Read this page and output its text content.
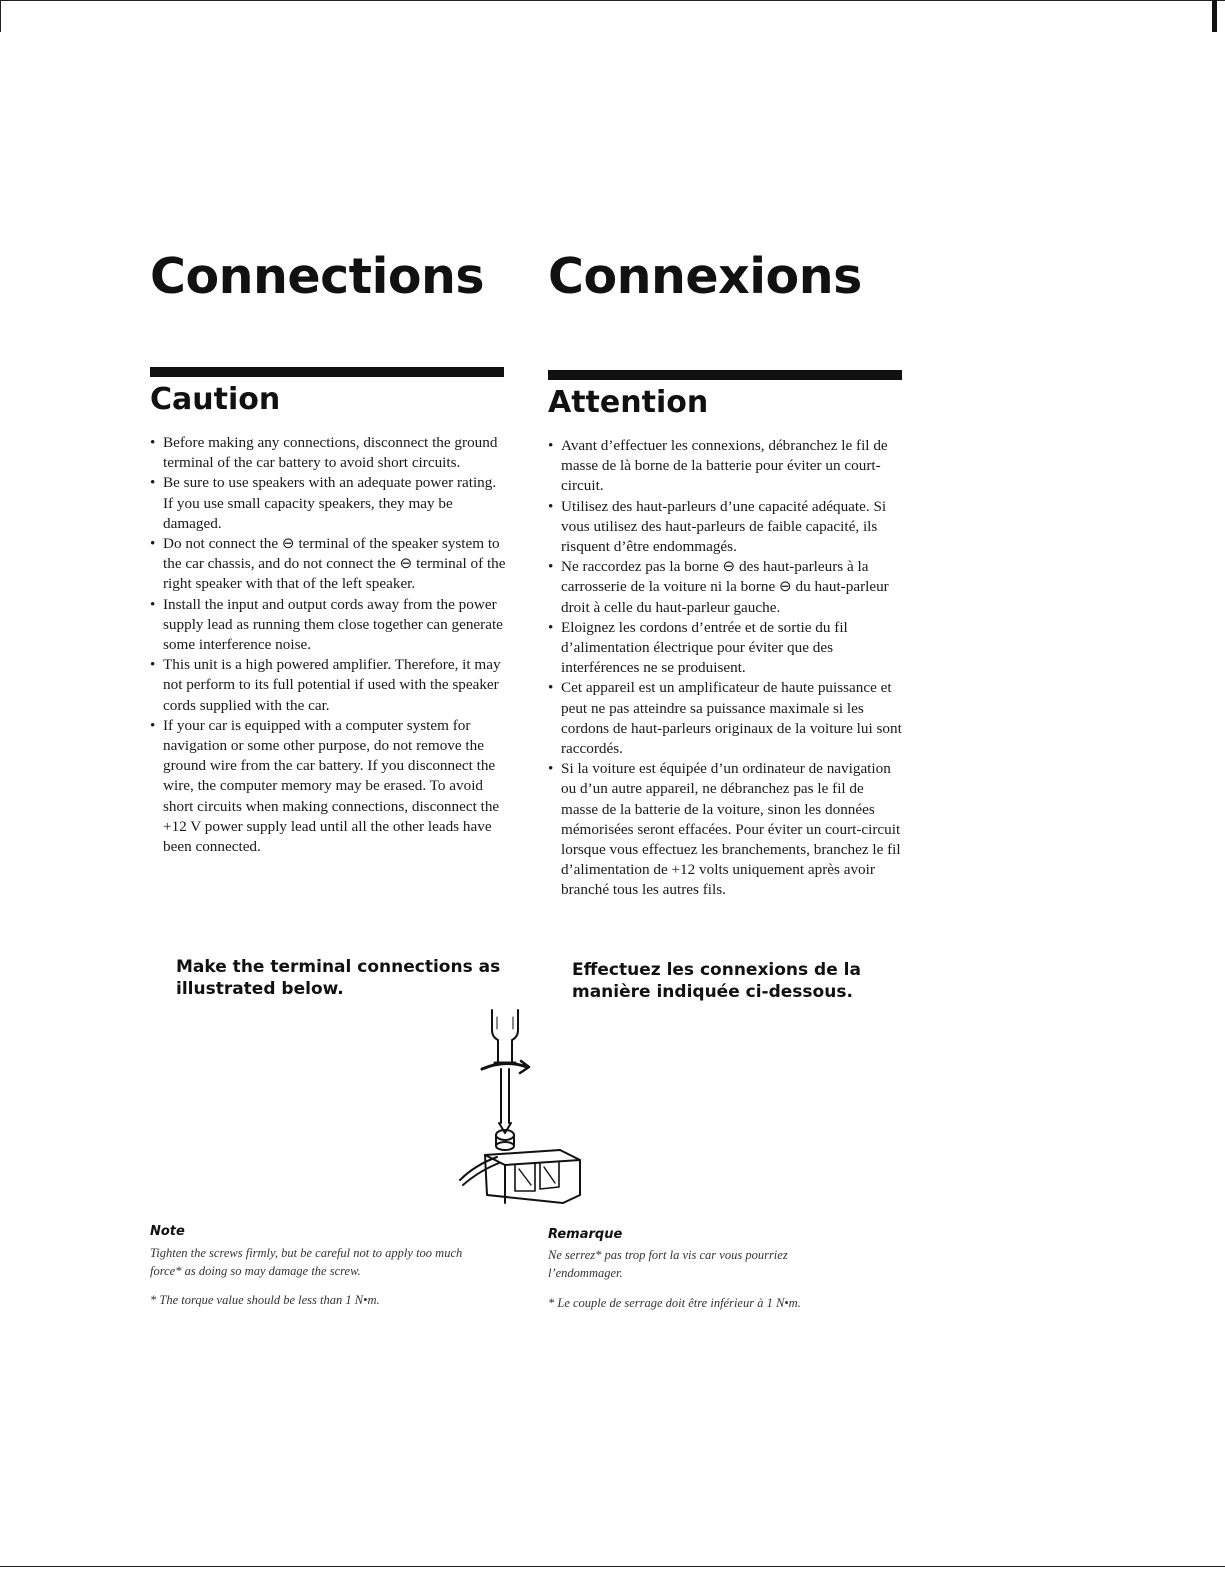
Connections
Caution
• Before making any connections, disconnect the ground terminal of the car battery to avoid short circuits.
• Be sure to use speakers with an adequate power rating. If you use small capacity speakers, they may be damaged.
• Do not connect the ⊖ terminal of the speaker system to the car chassis, and do not connect the ⊖ terminal of the right speaker with that of the left speaker.
• Install the input and output cords away from the power supply lead as running them close together can generate some interference noise.
• This unit is a high powered amplifier. Therefore, it may not perform to its full potential if used with the speaker cords supplied with the car.
• If your car is equipped with a computer system for navigation or some other purpose, do not remove the ground wire from the car battery. If you disconnect the wire, the computer memory may be erased. To avoid short circuits when making connections, disconnect the +12 V power supply lead until all the other leads have been connected.

Make the terminal connections as illustrated below.

Note

Tighten the screws firmly, but be careful not to apply too much force* as doing so may damage the screw.

* The torque value should be less than 1 N•m.

Connexions
Attention
• Avant d’effectuer les connexions, débranchez le fil de masse de là borne de la batterie pour éviter un court-circuit.
• Utilisez des haut-parleurs d’une capacité adéquate. Si vous utilisez des haut-parleurs de faible capacité, ils risquent d’être endommagés.
• Ne raccordez pas la borne ⊖ des haut-parleurs à la carrosserie de la voiture ni la borne ⊖ du haut-parleur droit à celle du haut-parleur gauche.
• Eloignez les cordons d’entrée et de sortie du fil d’alimentation électrique pour éviter que des interférences ne se produisent.
• Cet appareil est un amplificateur de haute puissance et peut ne pas atteindre sa puissance maximale si les cordons de haut-parleurs originaux de la voiture lui sont raccordés.
• Si la voiture est équipée d’un ordinateur de navigation ou d’un autre appareil, ne débranchez pas le fil de masse de la batterie de la voiture, sinon les données mémorisées seront effacées. Pour éviter un court-circuit lorsque vous effectuez les branchements, branchez le fil d’alimentation de +12 volts uniquement après avoir branché tous les autres fils.

Effectuez les connexions de la manière indiquée ci-dessous.

Remarque

Ne serrez* pas trop fort la vis car vous pourriez l’endommager.

* Le couple de serrage doit être inférieur à 1 N•m.
